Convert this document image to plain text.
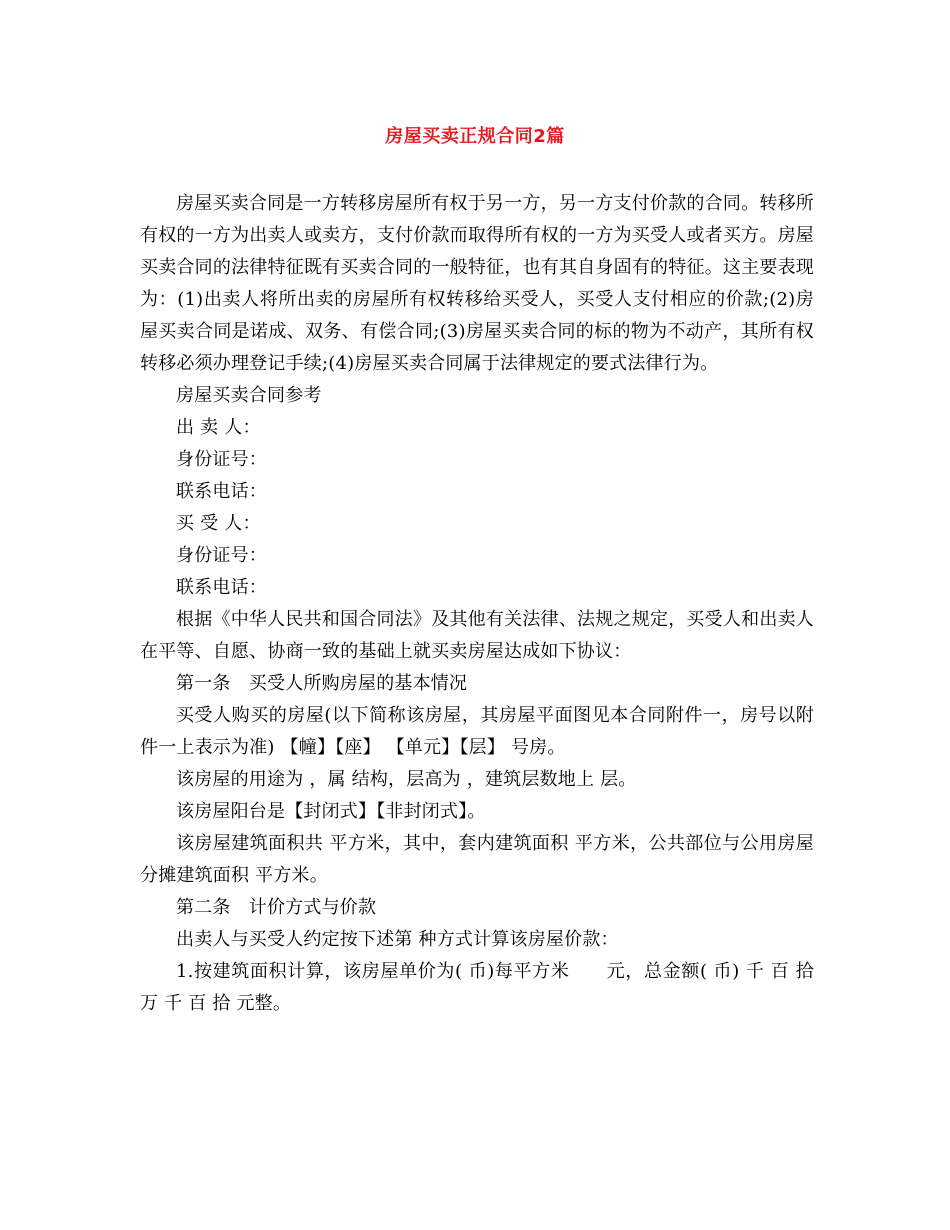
房屋买卖正规合同2篇

房屋买卖合同是一方转移房屋所有权于另一方，另一方支付价款的合同。转移所有权的一方为出卖人或卖方，支付价款而取得所有权的一方为买受人或者买方。房屋买卖合同的法律特征既有买卖合同的一般特征，也有其自身固有的特征。这主要表现为：(1)出卖人将所出卖的房屋所有权转移给买受人，买受人支付相应的价款;(2)房屋买卖合同是诺成、双务、有偿合同;(3)房屋买卖合同的标的物为不动产，其所有权转移必须办理登记手续;(4)房屋买卖合同属于法律规定的要式法律行为。

房屋买卖合同参考

出 卖 人：

身份证号：

联系电话：

买 受 人：

身份证号：

联系电话：

根据《中华人民共和国合同法》及其他有关法律、法规之规定，买受人和出卖人在平等、自愿、协商一致的基础上就买卖房屋达成如下协议：

第一条　买受人所购房屋的基本情况

买受人购买的房屋(以下简称该房屋，其房屋平面图见本合同附件一，房号以附件一上表示为准) 【幢】【座】 【单元】【层】 号房。

该房屋的用途为 ，属 结构，层高为 ，建筑层数地上 层。

该房屋阳台是【封闭式】【非封闭式】。

该房屋建筑面积共 平方米，其中，套内建筑面积 平方米，公共部位与公用房屋分摊建筑面积 平方米。

第二条　计价方式与价款

出卖人与买受人约定按下述第 种方式计算该房屋价款：

1.按建筑面积计算，该房屋单价为( 币)每平方米　　元，总金额( 币) 千 百 拾 万 千 百 拾 元整。
